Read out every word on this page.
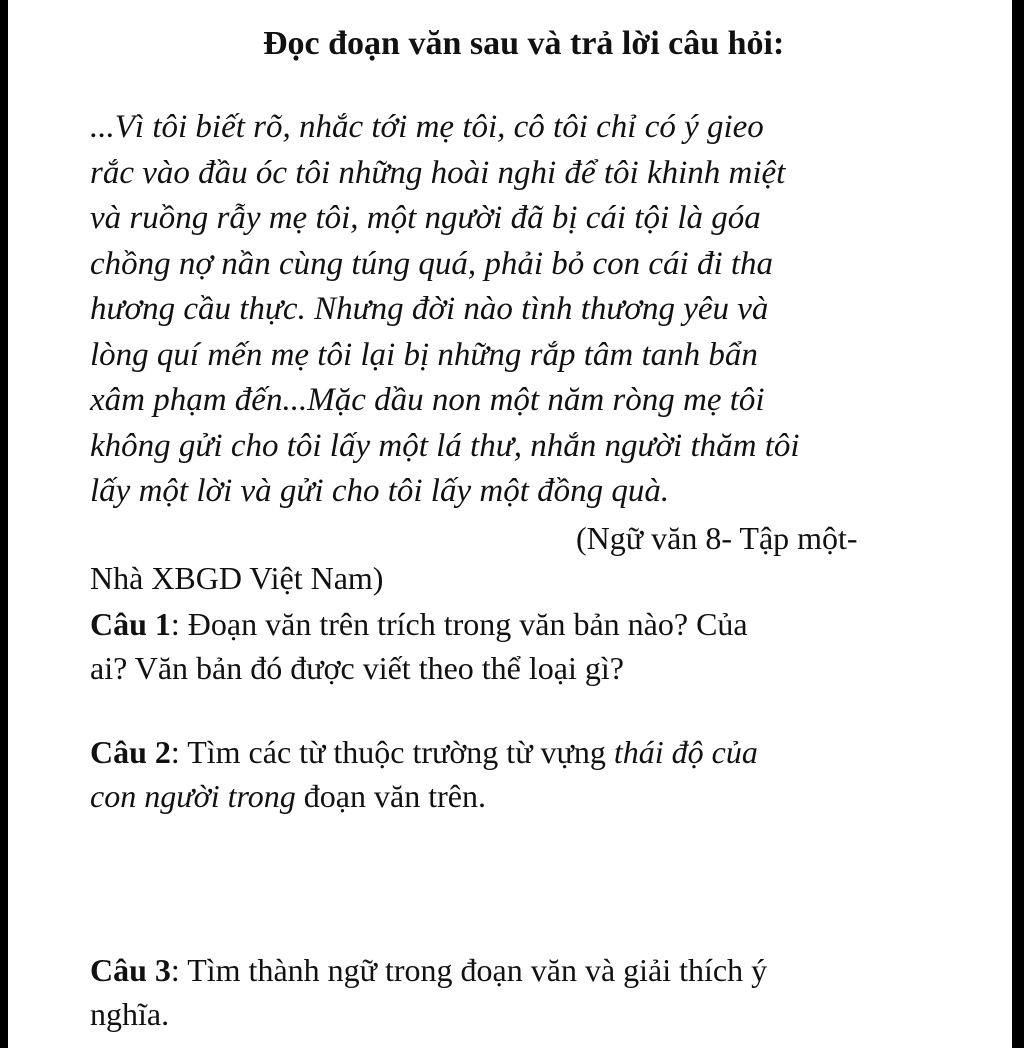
Đọc đoạn văn sau và trả lời câu hỏi:
...Vì tôi biết rõ, nhắc tới mẹ tôi, cô tôi chỉ có ý gieo
rắc vào đầu óc tôi những hoài nghi để tôi khinh miệt
và ruồng rẫy mẹ tôi, một người đã bị cái tội là góa
chồng nợ nần cùng túng quá, phải bỏ con cái đi tha
hương cầu thực. Nhưng đời nào tình thương yêu và
lòng quí mến mẹ tôi lại bị những rắp tâm tanh bẩn
xâm phạm đến...Mặc dầu non một năm ròng mẹ tôi
không gửi cho tôi lấy một lá thư, nhắn người thăm tôi
lấy một lời và gửi cho tôi lấy một đồng quà.
(Ngữ văn 8- Tập một-
Nhà XBGD Việt Nam)
Câu 1: Đoạn văn trên trích trong văn bản nào? Của
ai? Văn bản đó được viết theo thể loại gì?
Câu 2: Tìm các từ thuộc trường từ vựng thái độ của
con người trong đoạn văn trên.
Câu 3: Tìm thành ngữ trong đoạn văn và giải thích ý
nghĩa.
